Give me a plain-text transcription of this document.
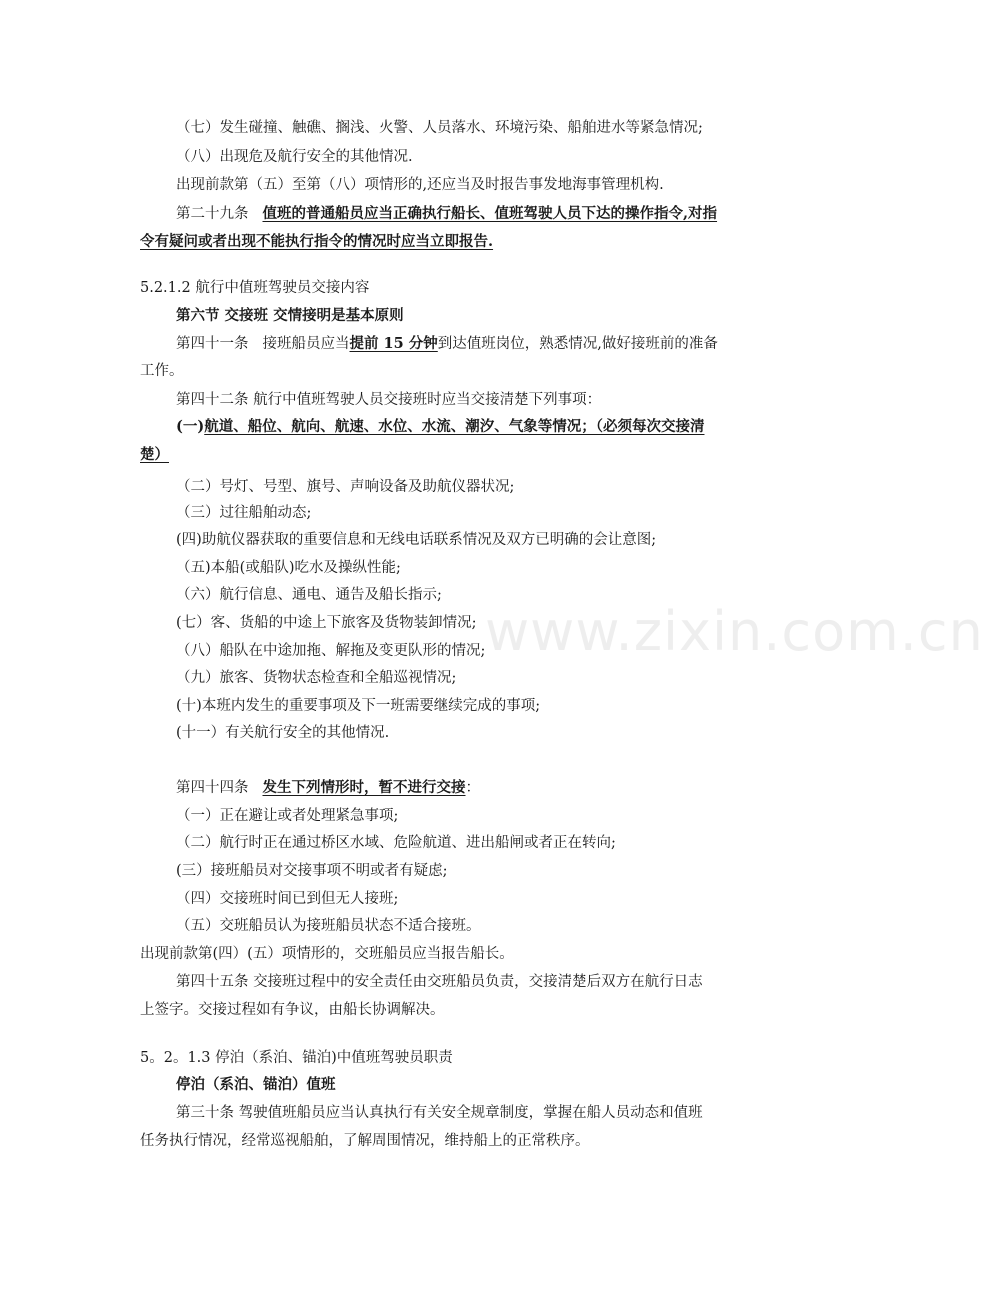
www.zixin.com.cn
（七）发生碰撞、触礁、搁浅、火警、人员落水、环境污染、船舶进水等紧急情况;
（八）出现危及航行安全的其他情况.
出现前款第（五）至第（八）项情形的,还应当及时报告事发地海事管理机构.
第二十九条 值班的普通船员应当正确执行船长、值班驾驶人员下达的操作指令,对指
令有疑问或者出现不能执行指令的情况时应当立即报告.
5.2.1.2 航行中值班驾驶员交接内容
第六节 交接班 交情接明是基本原则
第四十一条 接班船员应当提前 15 分钟到达值班岗位，熟悉情况,做好接班前的准备
工作。
第四十二条 航行中值班驾驶人员交接班时应当交接清楚下列事项：
(一)航道、船位、航向、航速、水位、水流、潮汐、气象等情况；（必须每次交接清
楚）
（二）号灯、号型、旗号、声响设备及助航仪器状况;
（三）过往船舶动态;
(四)助航仪器获取的重要信息和无线电话联系情况及双方已明确的会让意图;
（五)本船(或船队)吃水及操纵性能;
（六）航行信息、通电、通告及船长指示;
(七）客、货船的中途上下旅客及货物装卸情况;
（八）船队在中途加拖、解拖及变更队形的情况;
（九）旅客、货物状态检查和全船巡视情况;
(十)本班内发生的重要事项及下一班需要继续完成的事项;
(十一）有关航行安全的其他情况.
第四十四条 发生下列情形时，暂不进行交接：
（一）正在避让或者处理紧急事项;
（二）航行时正在通过桥区水域、危险航道、进出船闸或者正在转向;
(三）接班船员对交接事项不明或者有疑虑;
（四）交接班时间已到但无人接班;
（五）交班船员认为接班船员状态不适合接班。
出现前款第(四）(五）项情形的，交班船员应当报告船长。
第四十五条 交接班过程中的安全责任由交班船员负责，交接清楚后双方在航行日志
上签字。交接过程如有争议，由船长协调解决。
5。2。1.3 停泊（系泊、锚泊)中值班驾驶员职责
停泊（系泊、锚泊）值班
第三十条 驾驶值班船员应当认真执行有关安全规章制度，掌握在船人员动态和值班
任务执行情况，经常巡视船舶，了解周围情况，维持船上的正常秩序。
